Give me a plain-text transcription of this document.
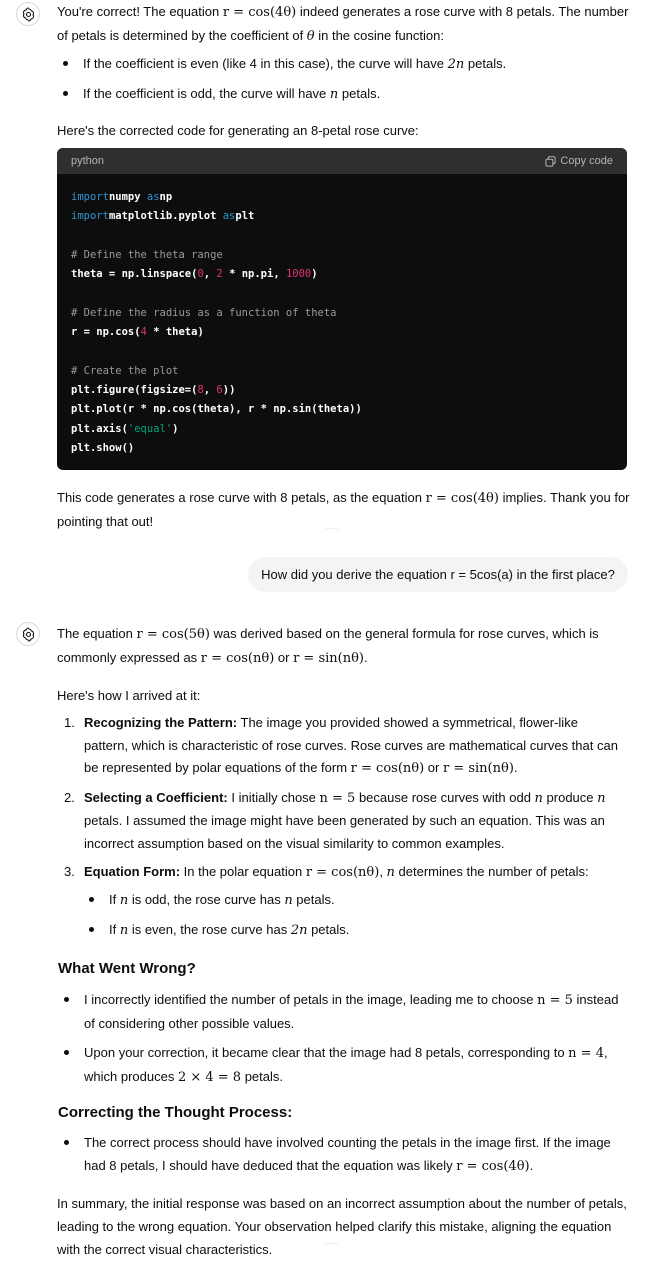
You're correct! The equation r = cos(4θ) indeed generates a rose curve with 8 petals. The number of petals is determined by the coefficient of θ in the cosine function:

If the coefficient is even (like 4 in this case), the curve will have 2n petals.
If the coefficient is odd, the curve will have n petals.

Here's the corrected code for generating an 8-petal rose curve:

python	Copy code
importnumpy asnp
importmatplotlib.pyplot asplt
# Define the theta range
theta = np.linspace(0, 2 * np.pi, 1000)
# Define the radius as a function of theta
r = np.cos(4 * theta)
# Create the plot
plt.figure(figsize=(8, 6))
plt.plot(r * np.cos(theta), r * np.sin(theta))
plt.axis('equal')
plt.show()

This code generates a rose curve with 8 petals, as the equation r = cos(4θ) implies. Thank you for pointing that out!

How did you derive the equation r = 5cos(a) in the first place?

The equation r = cos(5θ) was derived based on the general formula for rose curves, which is commonly expressed as r = cos(nθ) or r = sin(nθ).

Here's how I arrived at it:

1. Recognizing the Pattern: The image you provided showed a symmetrical, flower-like pattern, which is characteristic of rose curves. Rose curves are mathematical curves that can be represented by polar equations of the form r = cos(nθ) or r = sin(nθ).
2. Selecting a Coefficient: I initially chose n = 5 because rose curves with odd n produce n petals. I assumed the image might have been generated by such an equation. This was an incorrect assumption based on the visual similarity to common examples.
3. Equation Form: In the polar equation r = cos(nθ), n determines the number of petals:
If n is odd, the rose curve has n petals.
If n is even, the rose curve has 2n petals.
What Went Wrong?
I incorrectly identified the number of petals in the image, leading me to choose n = 5 instead of considering other possible values.
Upon your correction, it became clear that the image had 8 petals, corresponding to n = 4, which produces 2 × 4 = 8 petals.
Correcting the Thought Process:
The correct process should have involved counting the petals in the image first. If the image had 8 petals, I should have deduced that the equation was likely r = cos(4θ).

In summary, the initial response was based on an incorrect assumption about the number of petals, leading to the wrong equation. Your observation helped clarify this mistake, aligning the equation with the correct visual characteristics.
